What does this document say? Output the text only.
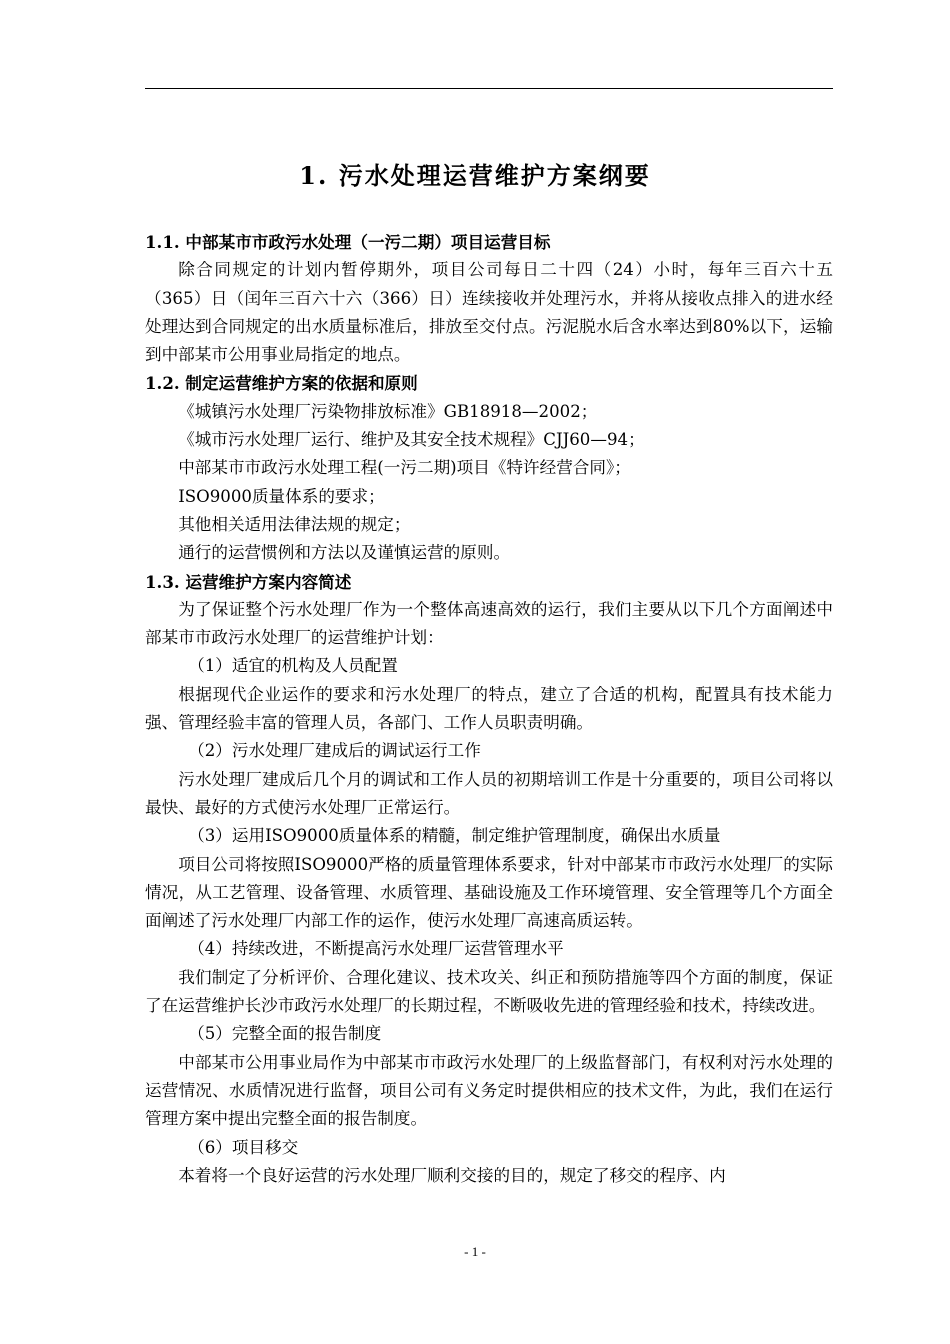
1. 污水处理运营维护方案纲要

1.1. 中部某市市政污水处理（一污二期）项目运营目标

除合同规定的计划内暂停期外，项目公司每日二十四（24）小时，每年三百六十五（365）日（闰年三百六十六（366）日）连续接收并处理污水，并将从接收点排入的进水经处理达到合同规定的出水质量标准后，排放至交付点。污泥脱水后含水率达到80%以下，运输到中部某市公用事业局指定的地点。

1.2. 制定运营维护方案的依据和原则

《城镇污水处理厂污染物排放标准》GB18918—2002；

《城市污水处理厂运行、维护及其安全技术规程》CJJ60—94；

中部某市市政污水处理工程(一污二期)项目《特许经营合同》；

ISO9000质量体系的要求；

其他相关适用法律法规的规定；

通行的运营惯例和方法以及谨慎运营的原则。

1.3. 运营维护方案内容简述

为了保证整个污水处理厂作为一个整体高速高效的运行，我们主要从以下几个方面阐述中部某市市政污水处理厂的运营维护计划：

（1）适宜的机构及人员配置

根据现代企业运作的要求和污水处理厂的特点，建立了合适的机构，配置具有技术能力强、管理经验丰富的管理人员，各部门、工作人员职责明确。

（2）污水处理厂建成后的调试运行工作

污水处理厂建成后几个月的调试和工作人员的初期培训工作是十分重要的，项目公司将以最快、最好的方式使污水处理厂正常运行。

（3）运用ISO9000质量体系的精髓，制定维护管理制度，确保出水质量

项目公司将按照ISO9000严格的质量管理体系要求，针对中部某市市政污水处理厂的实际情况，从工艺管理、设备管理、水质管理、基础设施及工作环境管理、安全管理等几个方面全面阐述了污水处理厂内部工作的运作，使污水处理厂高速高质运转。

（4）持续改进，不断提高污水处理厂运营管理水平

我们制定了分析评价、合理化建议、技术攻关、纠正和预防措施等四个方面的制度，保证了在运营维护长沙市政污水处理厂的长期过程，不断吸收先进的管理经验和技术，持续改进。

（5）完整全面的报告制度

中部某市公用事业局作为中部某市市政污水处理厂的上级监督部门，有权利对污水处理的运营情况、水质情况进行监督，项目公司有义务定时提供相应的技术文件，为此，我们在运行管理方案中提出完整全面的报告制度。

（6）项目移交

本着将一个良好运营的污水处理厂顺利交接的目的，规定了移交的程序、内

- 1 -
